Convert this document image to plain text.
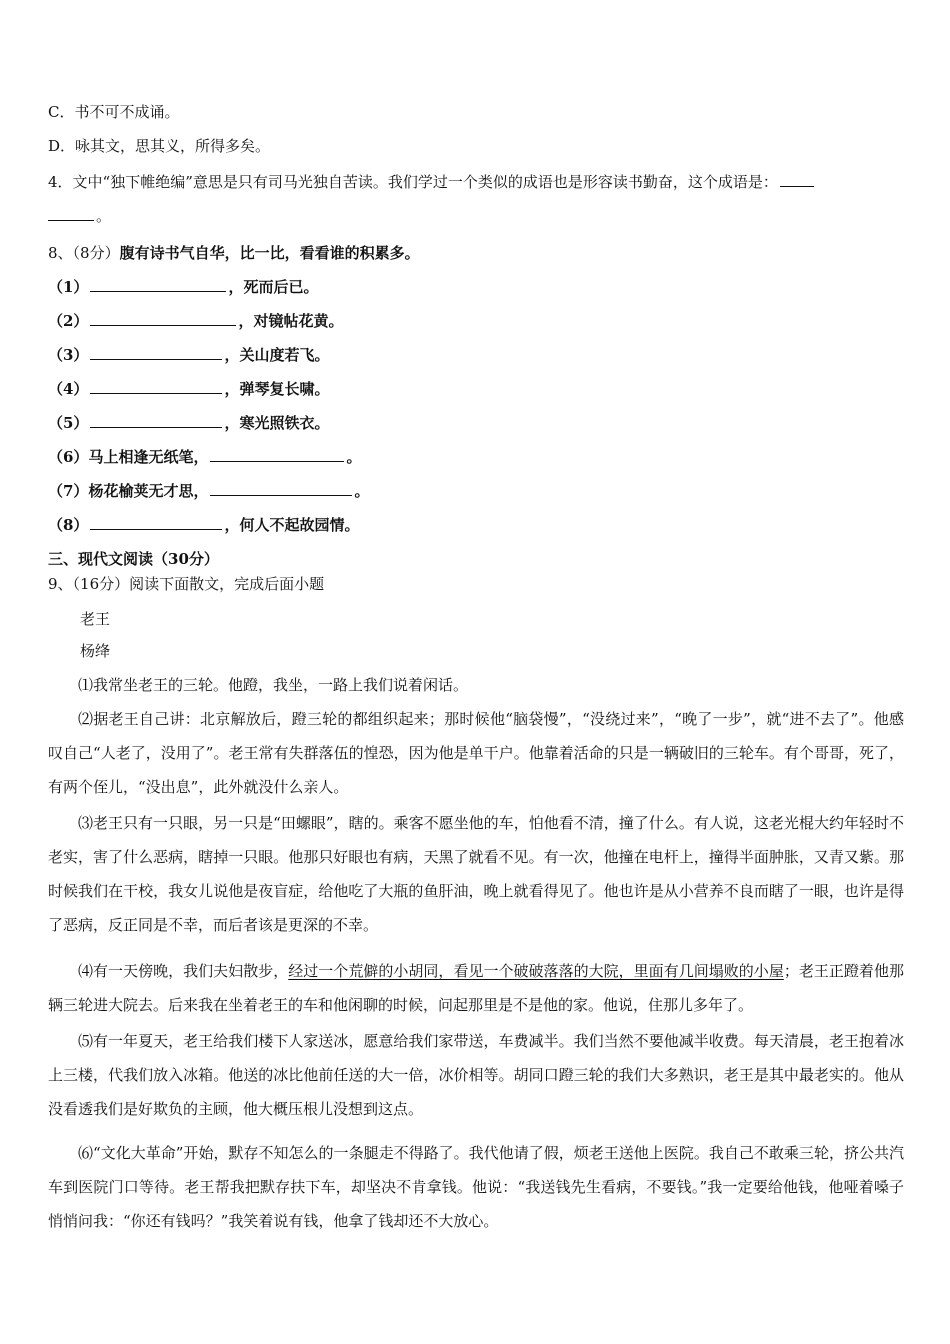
C．书不可不成诵。
D．咏其文，思其义，所得多矣。
4．文中“独下帷绝编”意思是只有司马光独自苦读。我们学过一个类似的成语也是形容读书勤奋，这个成语是：
。
8、（8分）腹有诗书气自华，比一比，看看谁的积累多。
（1）	，死而后已。
（2）	，对镜帖花黄。
（3）	，关山度若飞。
（4）	，弹琴复长啸。
（5）	，寒光照铁衣。
（6）马上相逢无纸笔，	。
（7）杨花榆荚无才思，	。
（8）	，何人不起故园情。
三、现代文阅读（30分）
9、（16分）阅读下面散文，完成后面小题
老王
杨绛
⑴我常坐老王的三轮。他蹬，我坐，一路上我们说着闲话。
⑵据老王自己讲：北京解放后，蹬三轮的都组织起来；那时候他“脑袋慢”，“没绕过来”，“晚了一步”，就“进不去了”。他感叹自己“人老了，没用了”。老王常有失群落伍的惶恐，因为他是单干户。他靠着活命的只是一辆破旧的三轮车。有个哥哥，死了，有两个侄儿，“没出息”，此外就没什么亲人。
⑶老王只有一只眼，另一只是“田螺眼”，瞎的。乘客不愿坐他的车，怕他看不清，撞了什么。有人说，这老光棍大约年轻时不老实，害了什么恶病，瞎掉一只眼。他那只好眼也有病，天黑了就看不见。有一次，他撞在电杆上，撞得半面肿胀，又青又紫。那时候我们在干校，我女儿说他是夜盲症，给他吃了大瓶的鱼肝油，晚上就看得见了。他也许是从小营养不良而瞎了一眼，也许是得了恶病，反正同是不幸，而后者该是更深的不幸。
⑷有一天傍晚，我们夫妇散步，经过一个荒僻的小胡同，看见一个破破落落的大院，里面有几间塌败的小屋；老王正蹬着他那辆三轮进大院去。后来我在坐着老王的车和他闲聊的时候，问起那里是不是他的家。他说，住那儿多年了。
⑸有一年夏天，老王给我们楼下人家送冰，愿意给我们家带送，车费减半。我们当然不要他减半收费。每天清晨，老王抱着冰上三楼，代我们放入冰箱。他送的冰比他前任送的大一倍，冰价相等。胡同口蹬三轮的我们大多熟识，老王是其中最老实的。他从没看透我们是好欺负的主顾，他大概压根儿没想到这点。
⑹“文化大革命”开始，默存不知怎么的一条腿走不得路了。我代他请了假，烦老王送他上医院。我自己不敢乘三轮，挤公共汽车到医院门口等待。老王帮我把默存扶下车，却坚决不肯拿钱。他说：“我送钱先生看病，不要钱。”我一定要给他钱，他哑着嗓子悄悄问我：“你还有钱吗？”我笑着说有钱，他拿了钱却还不大放心。
